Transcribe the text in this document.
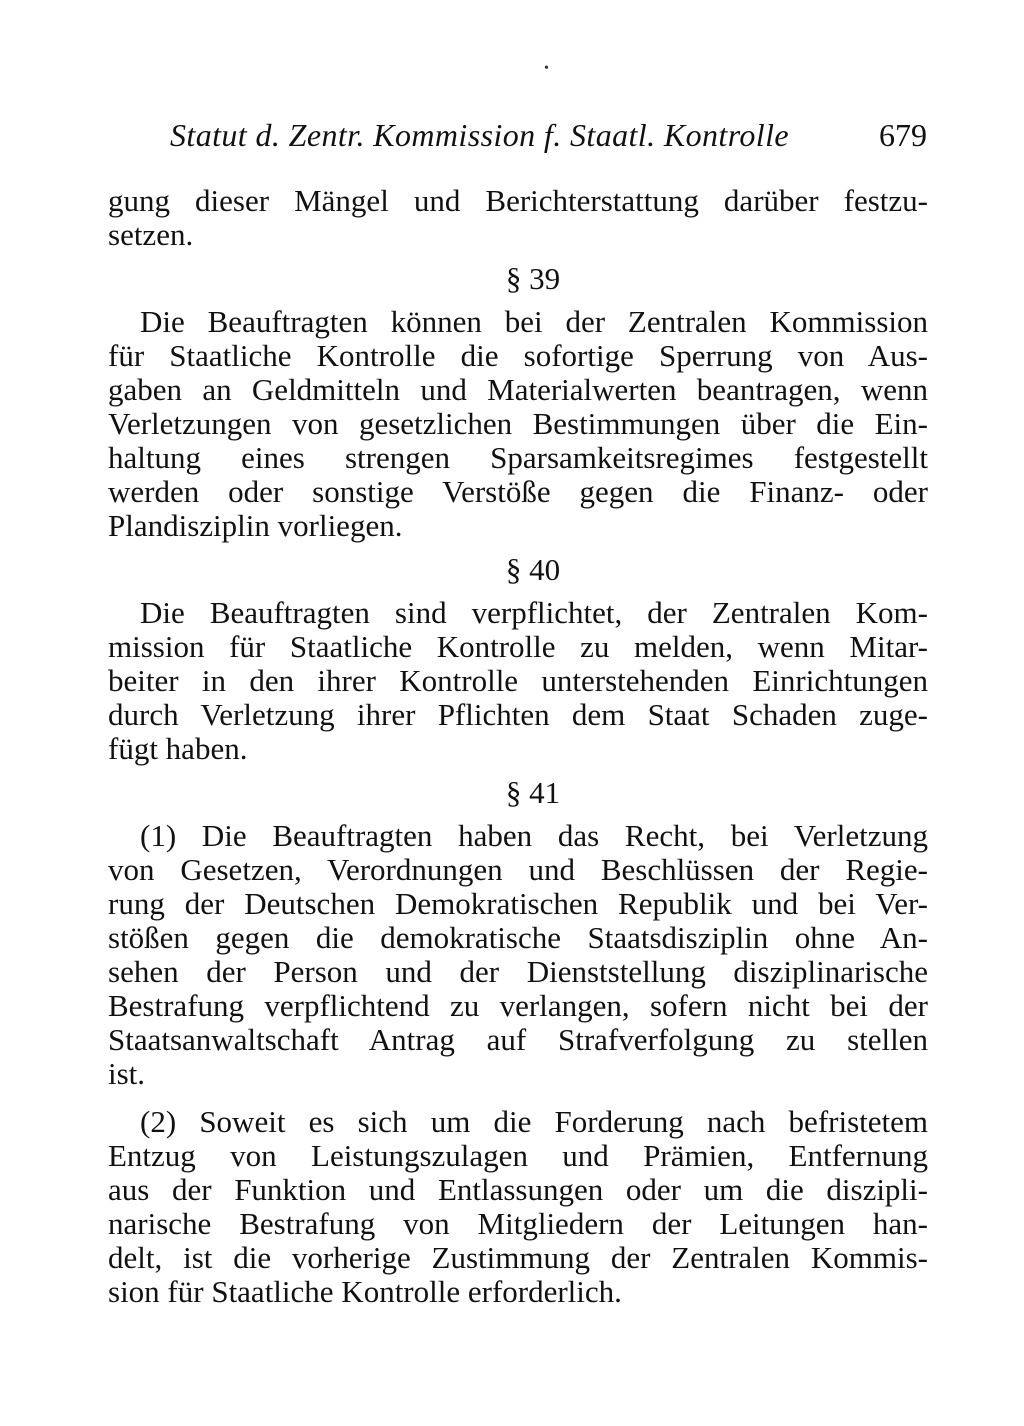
•
Statut d. Zentr. Kommission f. Staatl. Kontrolle	679

gung dieser Mängel und Berichterstattung darüber festzu-
setzen.

§ 39

Die Beauftragten können bei der Zentralen Kommission
für Staatliche Kontrolle die sofortige Sperrung von Aus-
gaben an Geldmitteln und Materialwerten beantragen, wenn
Verletzungen von gesetzlichen Bestimmungen über die Ein-
haltung eines strengen Sparsamkeitsregimes festgestellt
werden oder sonstige Verstöße gegen die Finanz- oder
Plandisziplin vorliegen.

§ 40

Die Beauftragten sind verpflichtet, der Zentralen Kom-
mission für Staatliche Kontrolle zu melden, wenn Mitar-
beiter in den ihrer Kontrolle unterstehenden Einrichtungen
durch Verletzung ihrer Pflichten dem Staat Schaden zuge-
fügt haben.

§ 41

(1) Die Beauftragten haben das Recht, bei Verletzung
von Gesetzen, Verordnungen und Beschlüssen der Regie-
rung der Deutschen Demokratischen Republik und bei Ver-
stößen gegen die demokratische Staatsdisziplin ohne An-
sehen der Person und der Dienststellung disziplinarische
Bestrafung verpflichtend zu verlangen, sofern nicht bei der
Staatsanwaltschaft Antrag auf Strafverfolgung zu stellen
ist.

(2) Soweit es sich um die Forderung nach befristetem
Entzug von Leistungszulagen und Prämien, Entfernung
aus der Funktion und Entlassungen oder um die diszipli-
narische Bestrafung von Mitgliedern der Leitungen han-
delt, ist die vorherige Zustimmung der Zentralen Kommis-
sion für Staatliche Kontrolle erforderlich.
